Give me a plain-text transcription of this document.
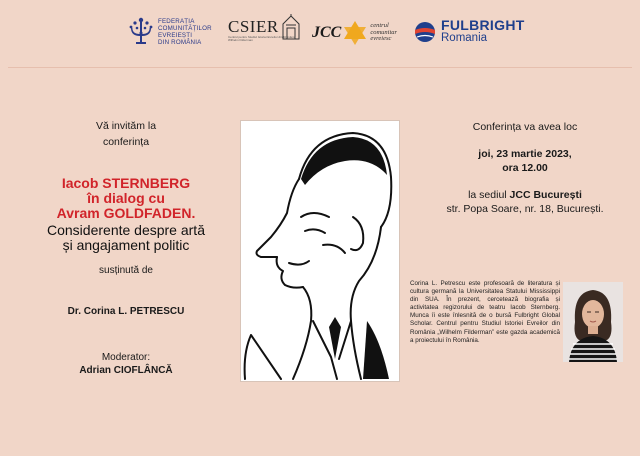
FEDERAȚIA
COMUNITĂȚILOR
EVREIEȘTI
DIN ROMÂNIA
CSIER
Centrul pentru Studiul Istoriei Evreilor din România Wilhelm Filderman	JCC	centrul
comunitar
evreiesc
FULBRIGHT
Romania
Vă invităm la
conferința
Iacob STERNBERG
în dialog cu
Avram GOLDFADEN.
Considerente despre artă
și angajament politic
susținută de
Dr. Corina L. PETRESCU
Moderator:
Adrian CIOFLÂNCĂ
Conferința va avea loc
joi, 23 martie 2023,
ora 12.00
la sediul JCC București
str. Popa Soare, nr. 18, București.
Corina L. Petrescu este profesoară de literatura și cultura germană la Universitatea Statului Mississippi din SUA. În prezent, cercetează biografia și activitatea regizorului de teatru Iacob Sternberg. Munca îi este înlesnită de o bursă Fulbright Global Scholar. Centrul pentru Studiul Istoriei Evreilor din România „Wilhelm Filderman” este gazda academică a proiectului în România.
